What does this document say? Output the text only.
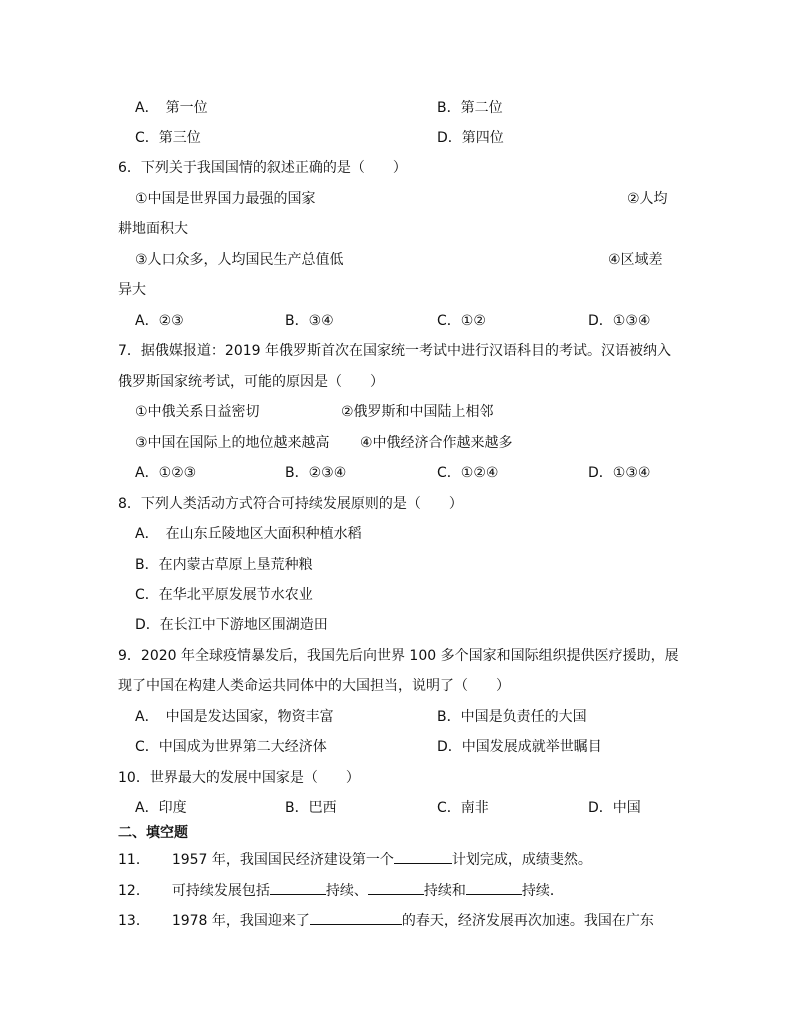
A．　第一位	B．第二位
C．第三位	D．第四位
6．下列关于我国国情的叙述正确的是（　　）
①中国是世界国力最强的国家	②人均
耕地面积大
③人口众多，人均国民生产总值低	④区域差
异大
A．②③	B．③④	C．①②	D．①③④
7．据俄媒报道：2019 年俄罗斯首次在国家统一考试中进行汉语科目的考试。汉语被纳入
俄罗斯国家统考试，可能的原因是（　　）
①中俄关系日益密切	②俄罗斯和中国陆上相邻
③中国在国际上的地位越来越高 ④中俄经济合作越来越多
A．①②③	B．②③④	C．①②④	D．①③④
8．下列人类活动方式符合可持续发展原则的是（　　）
A．　在山东丘陵地区大面积种植水稻
B．在内蒙古草原上垦荒种粮
C．在华北平原发展节水农业
D．在长江中下游地区围湖造田
9．2020 年全球疫情暴发后，我国先后向世界 100 多个国家和国际组织提供医疗援助，展
现了中国在构建人类命运共同体中的大国担当，说明了（　　）
A．　中国是发达国家，物资丰富	B．中国是负责任的大国
C．中国成为世界第二大经济体	D．中国发展成就举世瞩目
10．世界最大的发展中国家是（　　）
A．印度	B．巴西	C．南非	D．中国
二、填空题
11． 1957 年，我国国民经济建设第一个	计划完成，成绩斐然。
12． 可持续发展包括	持续、	持续和	持续．
13． 1978 年，我国迎来了	的春天，经济发展再次加速。我国在广东
